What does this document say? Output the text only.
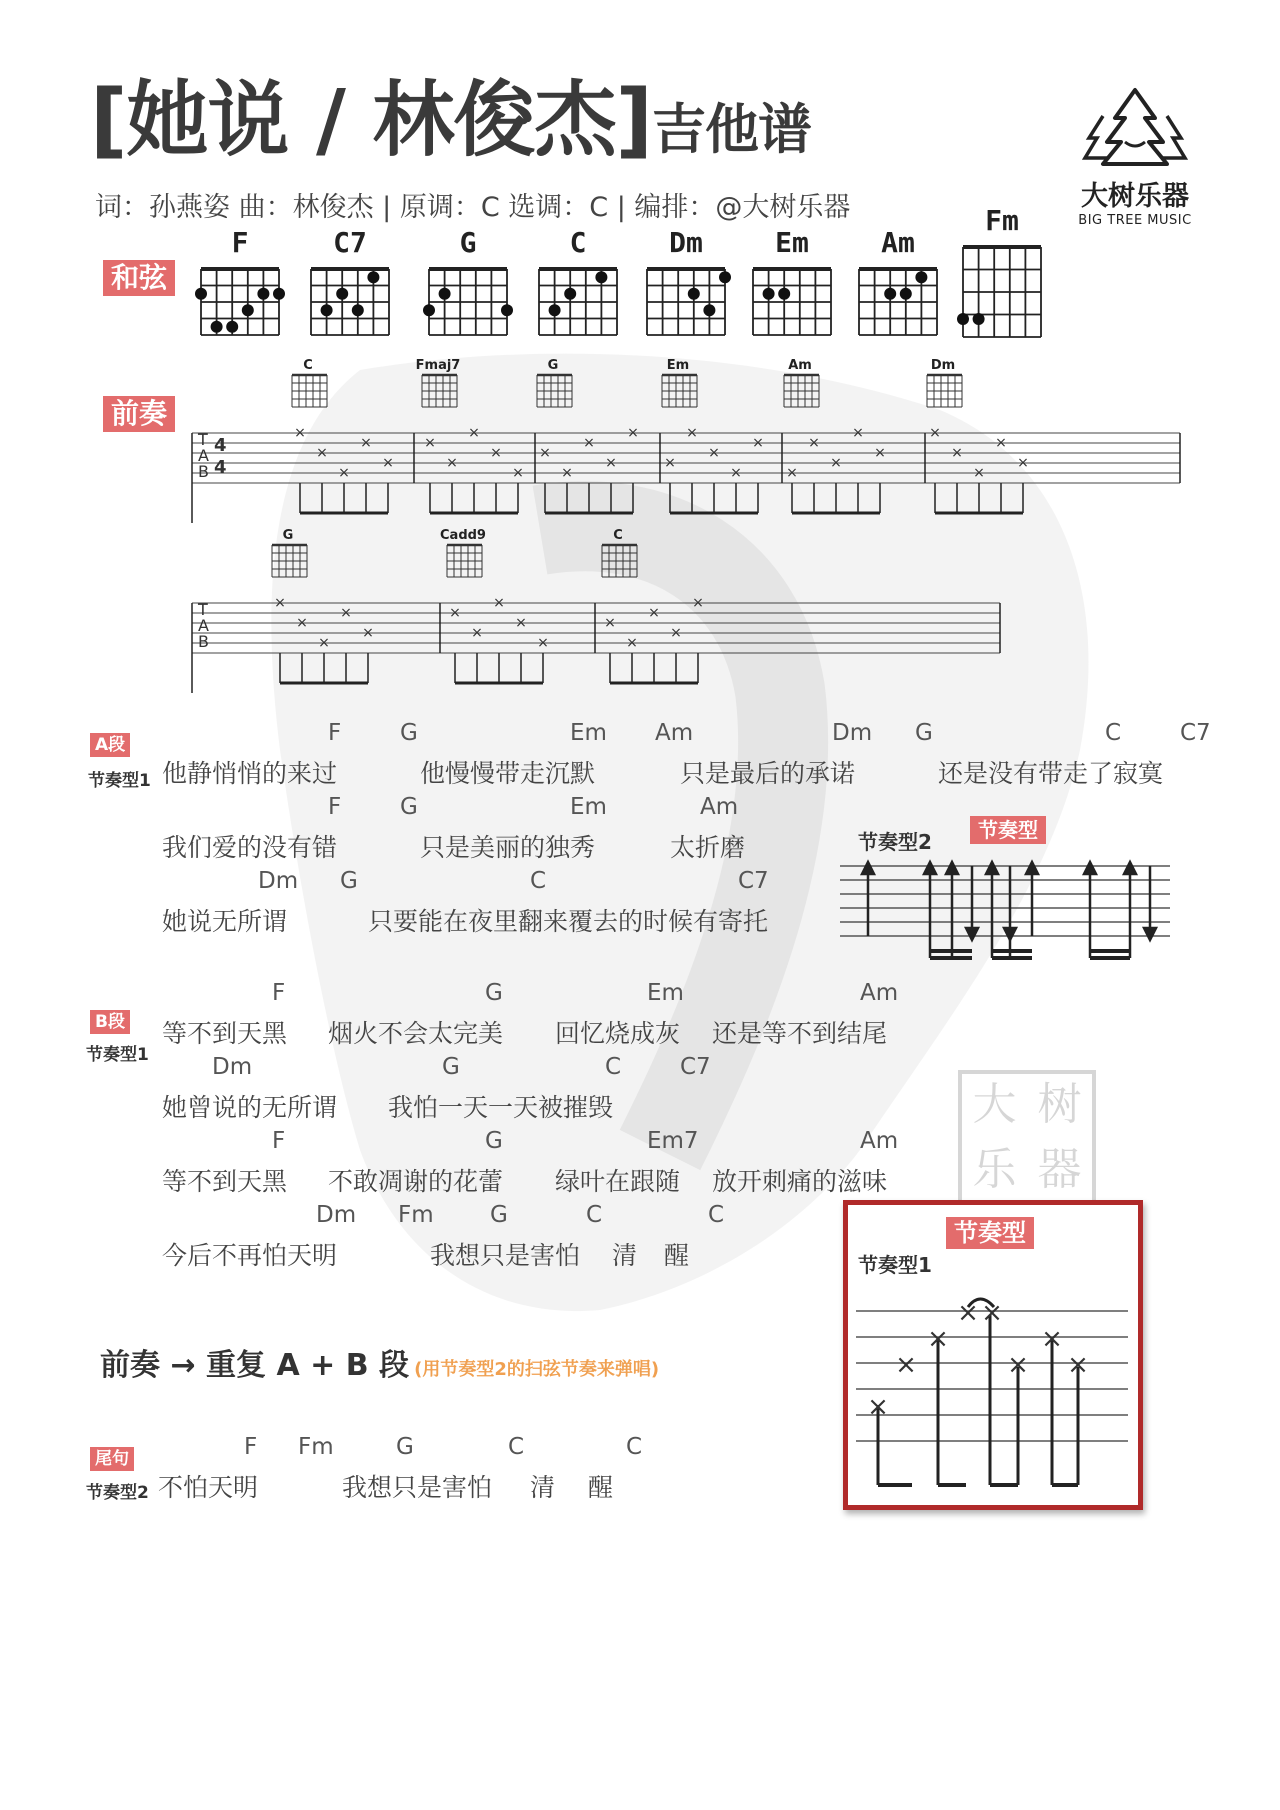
[她说 / 林俊杰]吉他谱
词：孙燕姿 曲：林俊杰 | 原调：C 选调：C | 编排：@大树乐器	大树乐器
BIG TREE MUSIC
和弦
F	C7	G	C	Dm	Em	Am
Fm
前奏
T
A
B
C
×
×
×
×
×
Fmaj7
×
×
×
×
×
G
×
×
×
×
×
Em
×
×
×
×
×
Am
×
×
×
×
×
Dm
×
×
×
×
×
4
4
T
A
B
G
×
×
×
×
×
Cadd9
×
×
×
×
×
C
×
×
×
×
×
A段
节奏型1
F	G	Em Am	Dm G	C	C7
他静悄悄的来过	他慢慢带走沉默	只是最后的承诺	还是没有带走了寂寞
F	G	Em	Am
我们爱的没有错	只是美丽的独秀	太折磨
Dm G	C	C7
她说无所谓	只要能在夜里翻来覆去的时候有寄托
节奏型2	节奏型
B段
节奏型1
F	G	Em	Am
等不到天黑 烟火不会太完美 回忆烧成灰 还是等不到结尾
Dm	G	C	C7
她曾说的无所谓 我怕一天一天被摧毁
F	G	Em7	Am
等不到天黑 不敢凋谢的花蕾 绿叶在跟随 放开刺痛的滋味
Dm Fm G	C	C
今后不再怕天明	我想只是害怕 清 醒
大 树
乐 器
节奏型
节奏型1
×
×
×
× ×
×
×
×
前奏 → 重复 A + B 段 (用节奏型2的扫弦节奏来弹唱)
尾句
节奏型2
F Fm	G	C	C
不怕天明	我想只是害怕 清 醒
